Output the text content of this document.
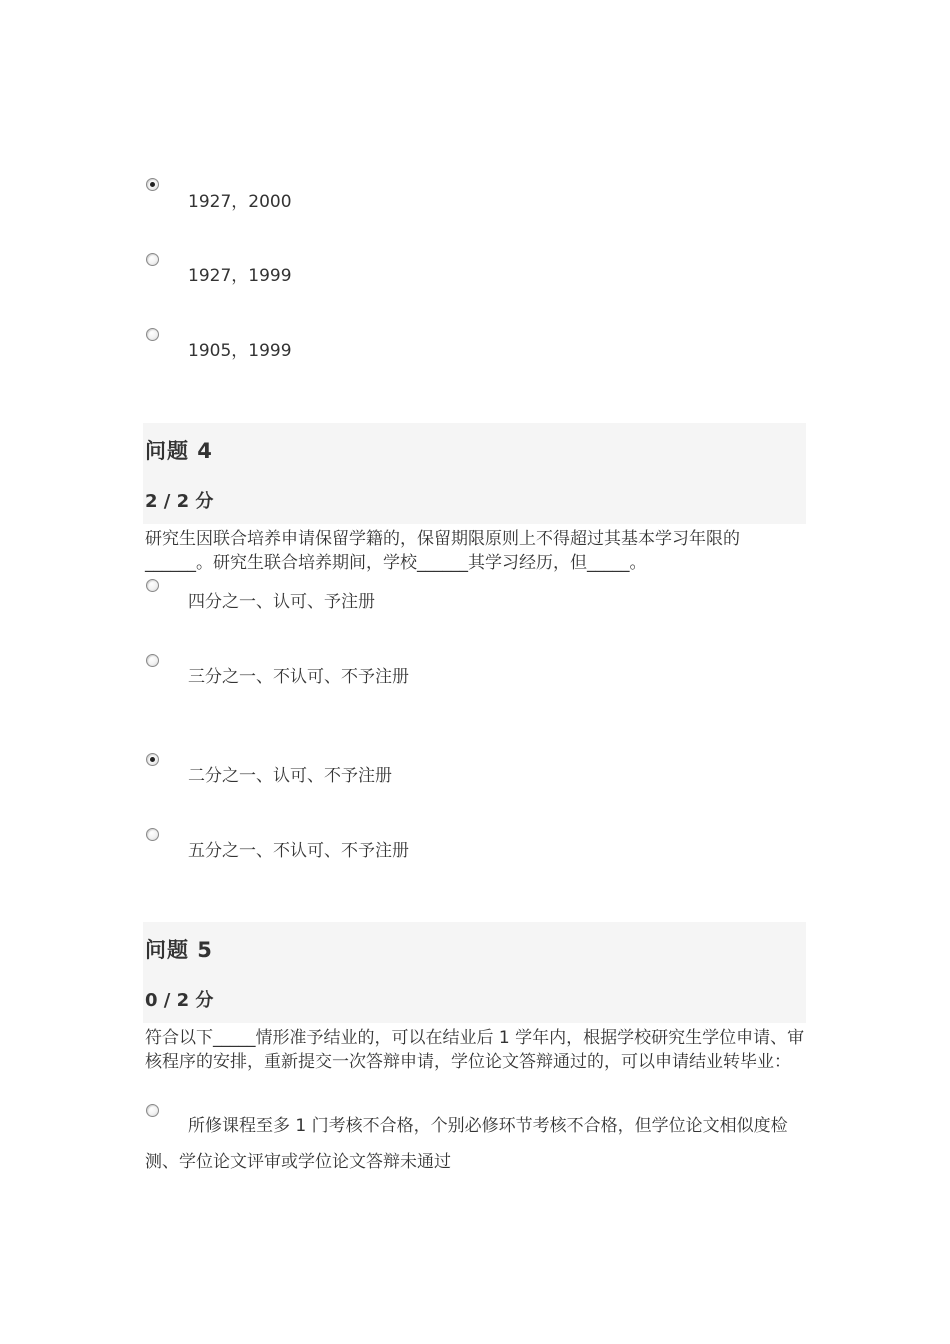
1927，2000
1927，1999
1905，1999
问题 4
2 / 2 分
研究生因联合培养申请保留学籍的，保留期限原则上不得超过其基本学习年限的______。研究生联合培养期间，学校______其学习经历，但_____。
四分之一、认可、予注册
三分之一、不认可、不予注册
二分之一、认可、不予注册
五分之一、不认可、不予注册
问题 5
0 / 2 分
符合以下_____情形准予结业的，可以在结业后 1 学年内，根据学校研究生学位申请、审核程序的安排，重新提交一次答辩申请，学位论文答辩通过的，可以申请结业转毕业：
所修课程至多 1 门考核不合格，个别必修环节考核不合格，但学位论文相似度检测、学位论文评审或学位论文答辩未通过
